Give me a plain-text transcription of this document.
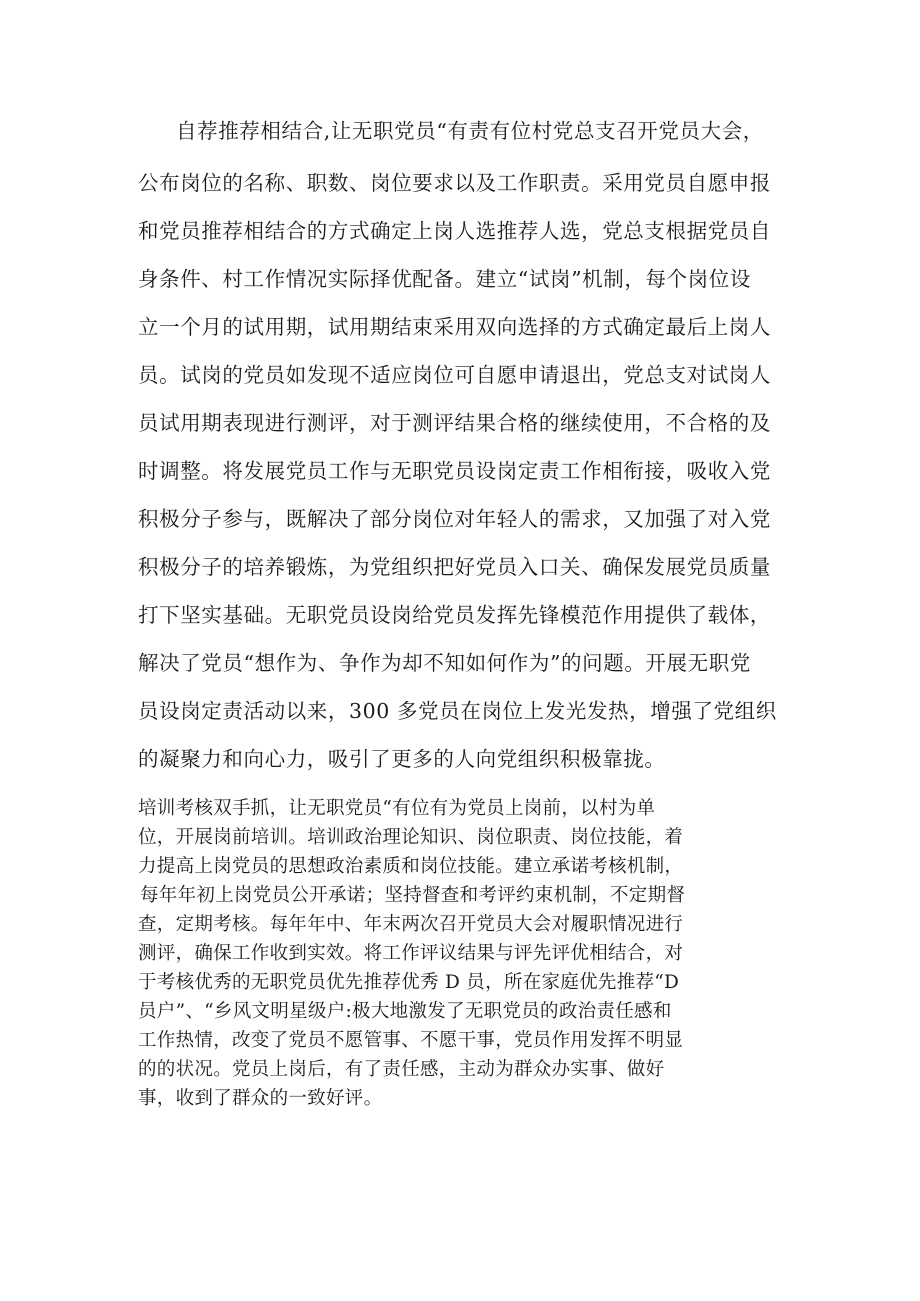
自荐推荐相结合,让无职党员“有责有位村党总支召开党员大会，
公布岗位的名称、职数、岗位要求以及工作职责。采用党员自愿申报
和党员推荐相结合的方式确定上岗人选推荐人选，党总支根据党员自
身条件、村工作情况实际择优配备。建立“试岗”机制，每个岗位设
立一个月的试用期，试用期结束采用双向选择的方式确定最后上岗人
员。试岗的党员如发现不适应岗位可自愿申请退出，党总支对试岗人
员试用期表现进行测评，对于测评结果合格的继续使用，不合格的及
时调整。将发展党员工作与无职党员设岗定责工作相衔接，吸收入党
积极分子参与，既解决了部分岗位对年轻人的需求，又加强了对入党
积极分子的培养锻炼，为党组织把好党员入口关、确保发展党员质量
打下坚实基础。无职党员设岗给党员发挥先锋模范作用提供了载体，
解决了党员“想作为、争作为却不知如何作为”的问题。开展无职党
员设岗定责活动以来，300 多党员在岗位上发光发热，增强了党组织
的凝聚力和向心力，吸引了更多的人向党组织积极靠拢。
培训考核双手抓，让无职党员“有位有为党员上岗前，以村为单
位，开展岗前培训。培训政治理论知识、岗位职责、岗位技能，着
力提高上岗党员的思想政治素质和岗位技能。建立承诺考核机制，
每年年初上岗党员公开承诺；坚持督查和考评约束机制，不定期督
查，定期考核。每年年中、年末两次召开党员大会对履职情况进行
测评，确保工作收到实效。将工作评议结果与评先评优相结合，对
于考核优秀的无职党员优先推荐优秀 D 员，所在家庭优先推荐“D
员户”、“乡风文明星级户:极大地激发了无职党员的政治责任感和
工作热情，改变了党员不愿管事、不愿干事，党员作用发挥不明显
的的状况。党员上岗后，有了责任感，主动为群众办实事、做好
事，收到了群众的一致好评。
